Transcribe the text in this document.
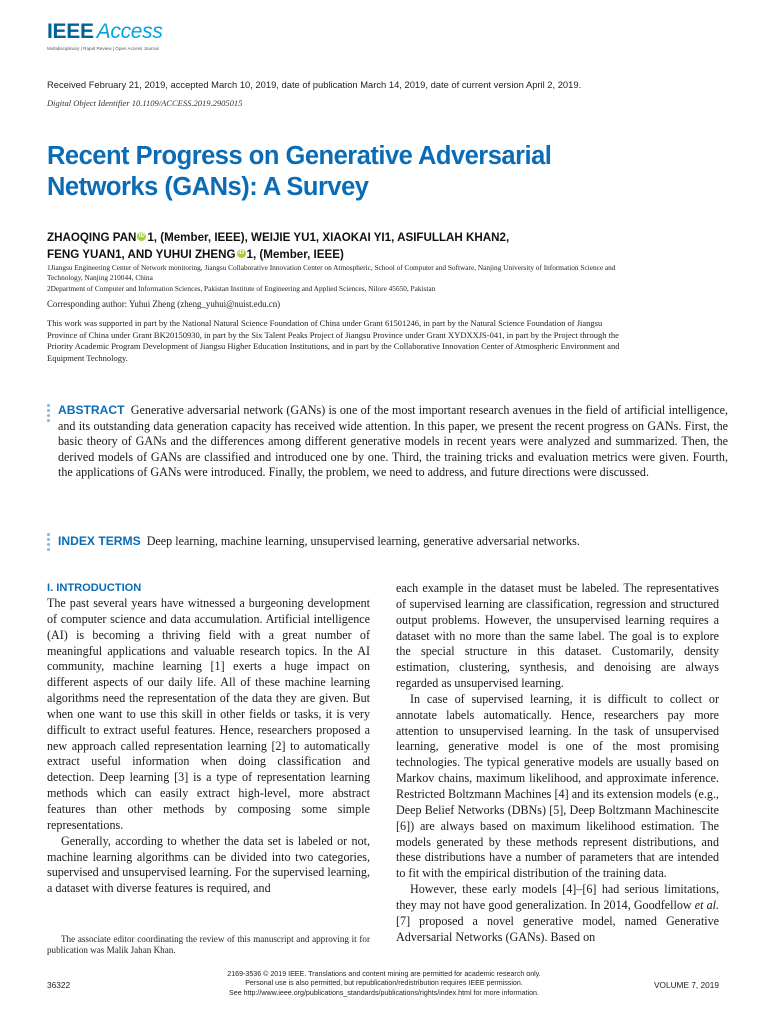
IEEE Access
Multidisciplinary | Rapid Review | Open Access Journal
Received February 21, 2019, accepted March 10, 2019, date of publication March 14, 2019, date of current version April 2, 2019.
Digital Object Identifier 10.1109/ACCESS.2019.2905015
Recent Progress on Generative Adversarial
Networks (GANs): A Survey
ZHAOQING PAN iD 1, (Member, IEEE), WEIJIE YU1, XIAOKAI YI1, ASIFULLAH KHAN2,
FENG YUAN1, AND YUHUI ZHENG iD 1, (Member, IEEE)
1Jiangsu Engineering Center of Network monitoring, Jiangsu Collaborative Innovation Center on Atmospheric, School of Computer and Software, Nanjing University of Information Science and Technology, Nanjing 210044, China
2Department of Computer and Information Sciences, Pakistan Institute of Engineering and Applied Sciences, Nilore 45650, Pakistan
Corresponding author: Yuhui Zheng (zheng_yuhui@nuist.edu.cn)
This work was supported in part by the National Natural Science Foundation of China under Grant 61501246, in part by the Natural Science Foundation of Jiangsu Province of China under Grant BK20150930, in part by the Six Talent Peaks Project of Jiangsu Province under Grant XYDXXJS-041, in part by the Project through the Priority Academic Program Development of Jiangsu Higher Education Institutions, and in part by the Collaborative Innovation Center of Atmospheric Environment and Equipment Technology.
ABSTRACT Generative adversarial network (GANs) is one of the most important research avenues in the field of artificial intelligence, and its outstanding data generation capacity has received wide attention. In this paper, we present the recent progress on GANs. First, the basic theory of GANs and the differences among different generative models in recent years were analyzed and summarized. Then, the derived models of GANs are classified and introduced one by one. Third, the training tricks and evaluation metrics were given. Fourth, the applications of GANs were introduced. Finally, the problem, we need to address, and future directions were discussed.
INDEX TERMS Deep learning, machine learning, unsupervised learning, generative adversarial networks.
I. INTRODUCTION

The past several years have witnessed a burgeoning development of computer science and data accumulation. Artificial intelligence (AI) is becoming a thriving field with a great number of meaningful applications and valuable research topics. In the AI community, machine learning [1] exerts a huge impact on different aspects of our daily life. All of these machine learning algorithms need the representation of the data they are given. But when one want to use this skill in other fields or tasks, it is very difficult to extract useful features. Hence, researchers proposed a new approach called representation learning [2] to automatically extract useful information when doing classification and detection. Deep learning [3] is a type of representation learning methods which can easily extract high-level, more abstract features than other methods by composing some simple representations.

Generally, according to whether the data set is labeled or not, machine learning algorithms can be divided into two categories, supervised and unsupervised learning. For the supervised learning, a dataset with diverse features is required, and

each example in the dataset must be labeled. The representatives of supervised learning are classification, regression and structured output problems. However, the unsupervised learning requires a dataset with no more than the same label. The goal is to explore the special structure in this dataset. Customarily, density estimation, clustering, synthesis, and denoising are always regarded as unsupervised learning.

In case of supervised learning, it is difficult to collect or annotate labels automatically. Hence, researchers pay more attention to unsupervised learning. In the task of unsupervised learning, generative model is one of the most promising technologies. The typical generative models are usually based on Markov chains, maximum likelihood, and approximate inference. Restricted Boltzmann Machines [4] and its extension models (e.g., Deep Belief Networks (DBNs) [5], Deep Boltzmann Machinescite [6]) are always based on maximum likelihood estimation. The models generated by these methods represent distributions, and these distributions have a number of parameters that are intended to fit with the empirical distribution of the training data.

However, these early models [4]–[6] had serious limitations, they may not have good generalization. In 2014, Goodfellow et al. [7] proposed a novel generative model, named Generative Adversarial Networks (GANs). Based on

The associate editor coordinating the review of this manuscript and approving it for publication was Malik Jahan Khan.
36322
2169-3536 © 2019 IEEE. Translations and content mining are permitted for academic research only.
Personal use is also permitted, but republication/redistribution requires IEEE permission.
See http://www.ieee.org/publications_standards/publications/rights/index.html for more information.
VOLUME 7, 2019
